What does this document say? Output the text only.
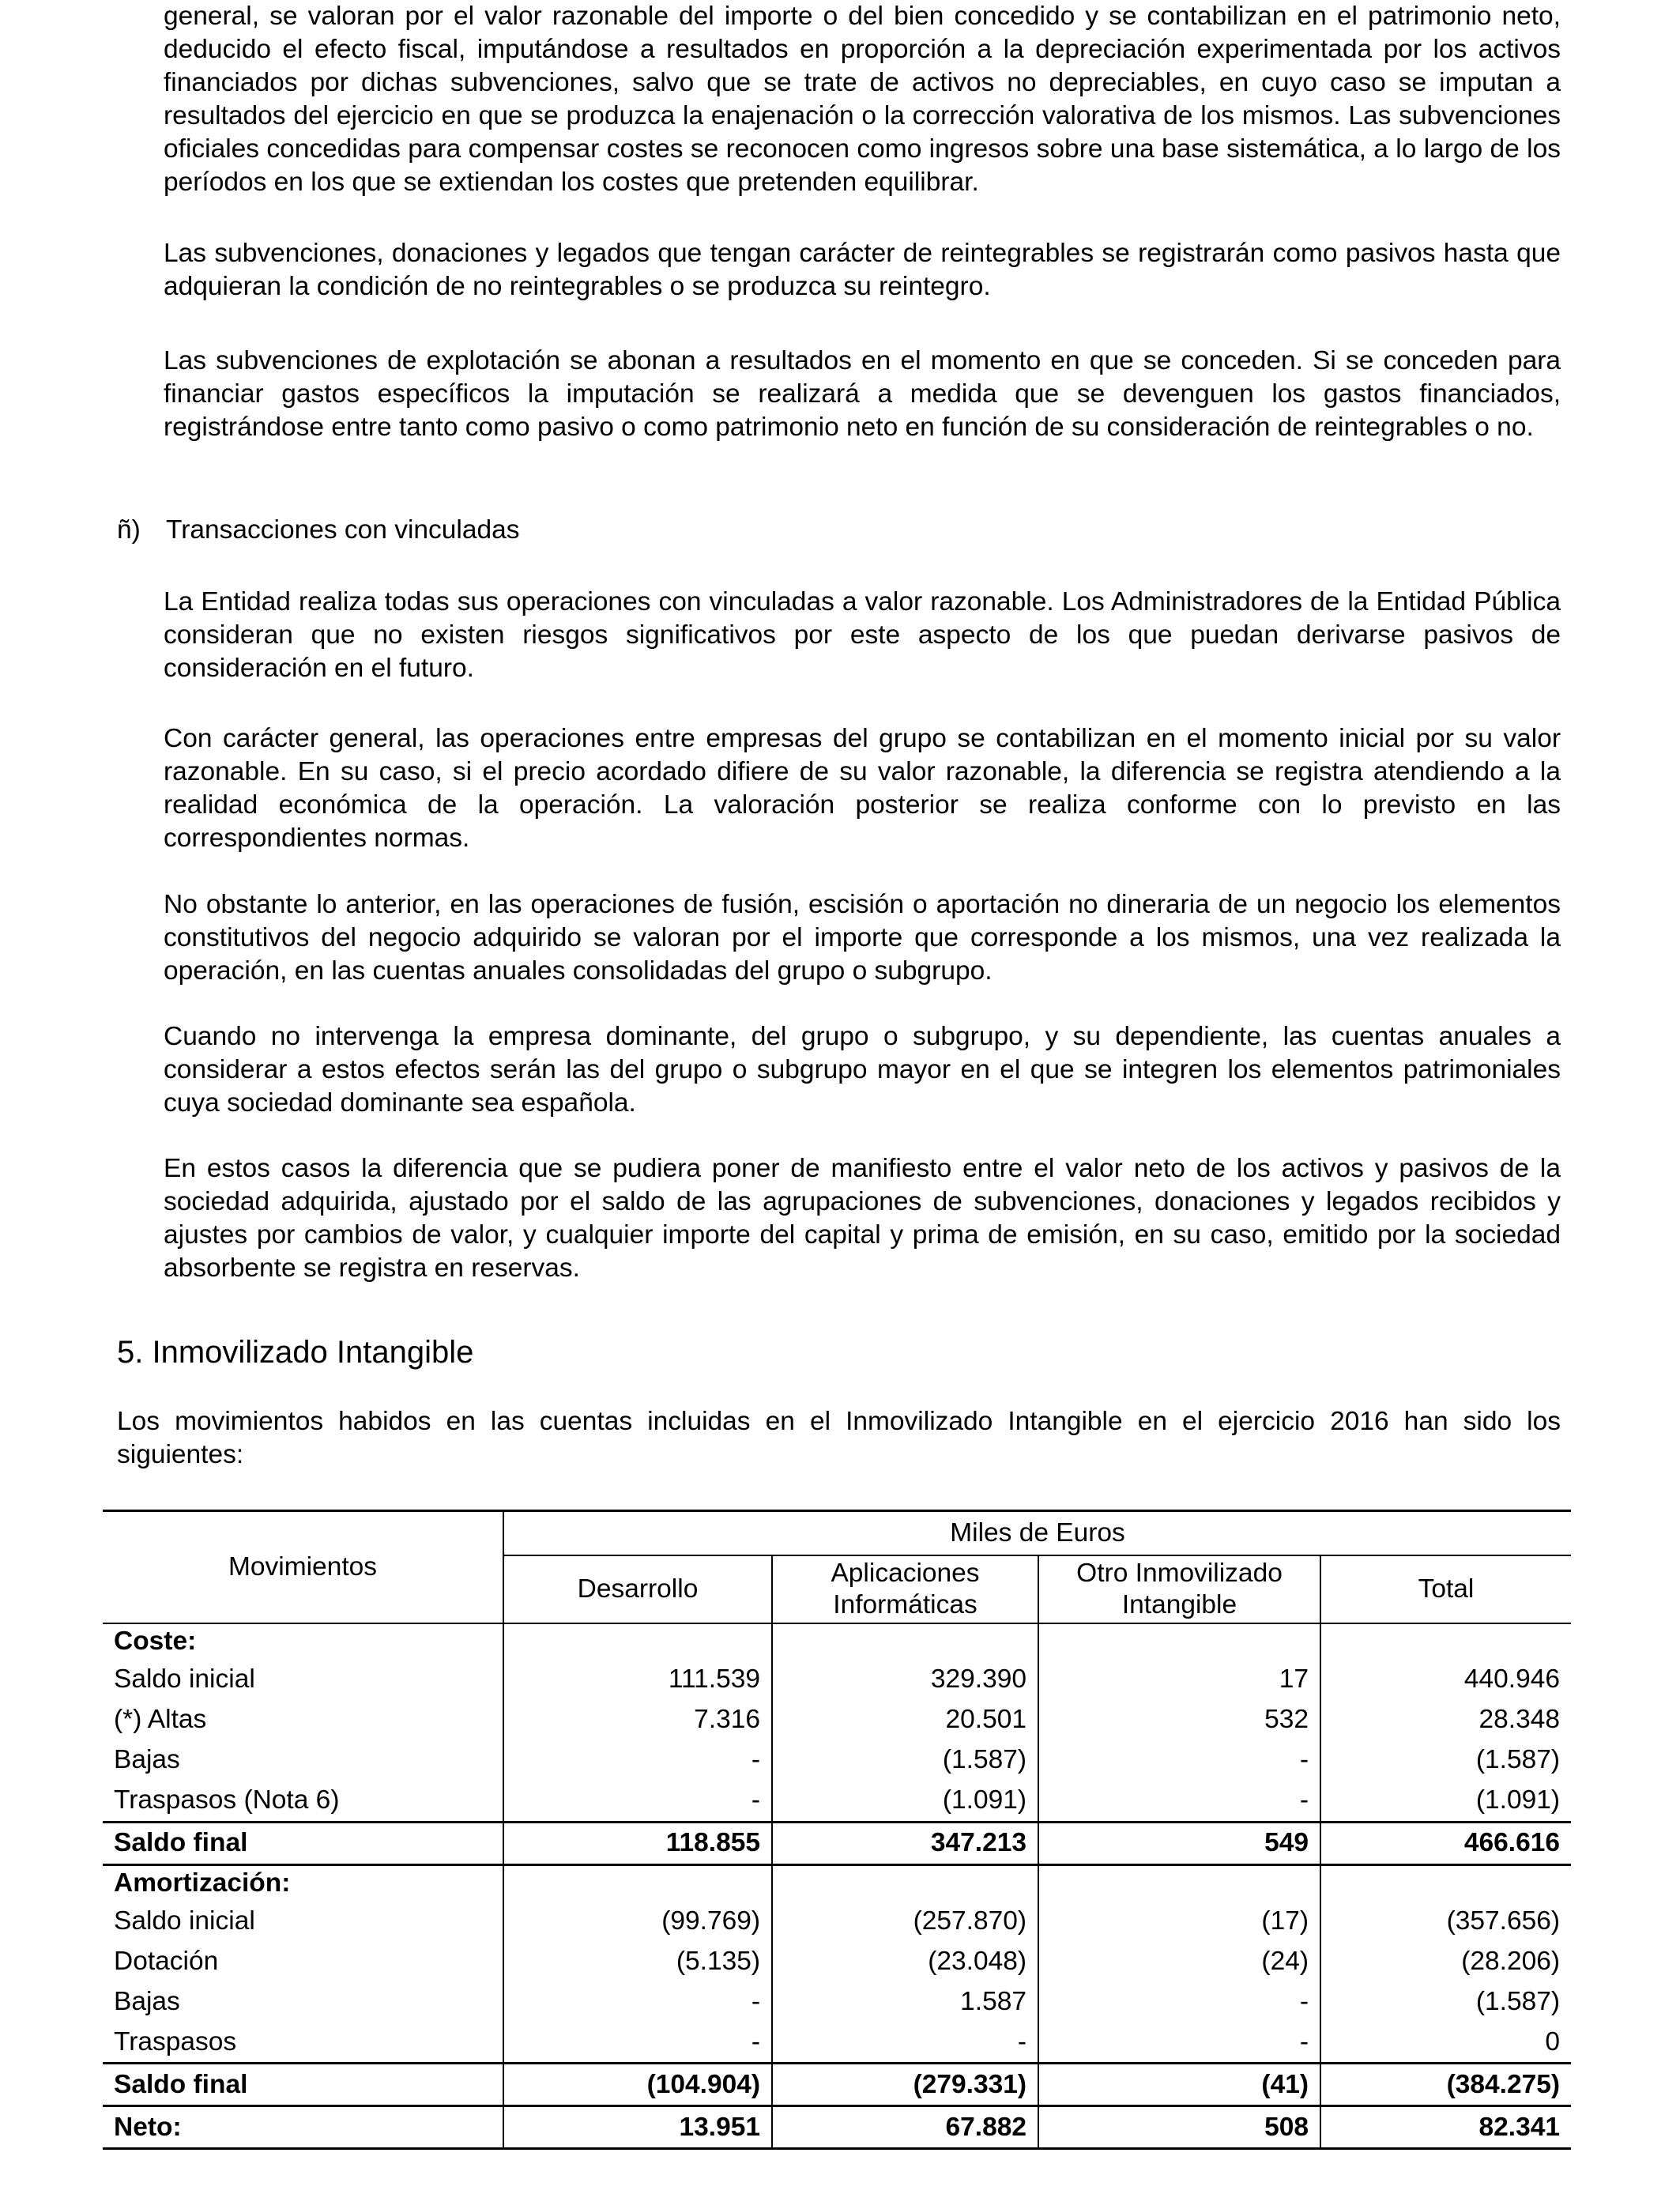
general, se valoran por el valor razonable del importe o del bien concedido y se contabilizan en el patrimonio neto, deducido el efecto fiscal, imputándose a resultados en proporción a la depreciación experimentada por los activos financiados por dichas subvenciones, salvo que se trate de activos no depreciables, en cuyo caso se imputan a resultados del ejercicio en que se produzca la enajenación o la corrección valorativa de los mismos. Las subvenciones oficiales concedidas para compensar costes se reconocen como ingresos sobre una base sistemática, a lo largo de los períodos en los que se extiendan los costes que pretenden equilibrar.

Las subvenciones, donaciones y legados que tengan carácter de reintegrables se registrarán como pasivos hasta que adquieran la condición de no reintegrables o se produzca su reintegro.

Las subvenciones de explotación se abonan a resultados en el momento en que se conceden. Si se conceden para financiar gastos específicos la imputación se realizará a medida que se devenguen los gastos financiados, registrándose entre tanto como pasivo o como patrimonio neto en función de su consideración de reintegrables o no.

ñ) Transacciones con vinculadas

La Entidad realiza todas sus operaciones con vinculadas a valor razonable. Los Administradores de la Entidad Pública consideran que no existen riesgos significativos por este aspecto de los que puedan derivarse pasivos de consideración en el futuro.

Con carácter general, las operaciones entre empresas del grupo se contabilizan en el momento inicial por su valor razonable. En su caso, si el precio acordado difiere de su valor razonable, la diferencia se registra atendiendo a la realidad económica de la operación. La valoración posterior se realiza conforme con lo previsto en las correspondientes normas.

No obstante lo anterior, en las operaciones de fusión, escisión o aportación no dineraria de un negocio los elementos constitutivos del negocio adquirido se valoran por el importe que corresponde a los mismos, una vez realizada la operación, en las cuentas anuales consolidadas del grupo o subgrupo.

Cuando no intervenga la empresa dominante, del grupo o subgrupo, y su dependiente, las cuentas anuales a considerar a estos efectos serán las del grupo o subgrupo mayor en el que se integren los elementos patrimoniales cuya sociedad dominante sea española.

En estos casos la diferencia que se pudiera poner de manifiesto entre el valor neto de los activos y pasivos de la sociedad adquirida, ajustado por el saldo de las agrupaciones de subvenciones, donaciones y legados recibidos y ajustes por cambios de valor, y cualquier importe del capital y prima de emisión, en su caso, emitido por la sociedad absorbente se registra en reservas.

5. Inmovilizado Intangible

Los movimientos habidos en las cuentas incluidas en el Inmovilizado Intangible en el ejercicio 2016 han sido los siguientes:

Movimientos	Miles de Euros			
	Desarrollo	Aplicaciones Informáticas	Otro Inmovilizado Intangible	Total
Coste:				
Saldo inicial	111.539	329.390	17	440.946
(*) Altas	7.316	20.501	532	28.348
Bajas	-	(1.587)	-	(1.587)
Traspasos (Nota 6)	-	(1.091)	-	(1.091)
Saldo final	118.855	347.213	549	466.616
Amortización:				
Saldo inicial	(99.769)	(257.870)	(17)	(357.656)
Dotación	(5.135)	(23.048)	(24)	(28.206)
Bajas	-	1.587	-	(1.587)
Traspasos	-	-	-	0
Saldo final	(104.904)	(279.331)	(41)	(384.275)
Neto:	13.951	67.882	508	82.341
